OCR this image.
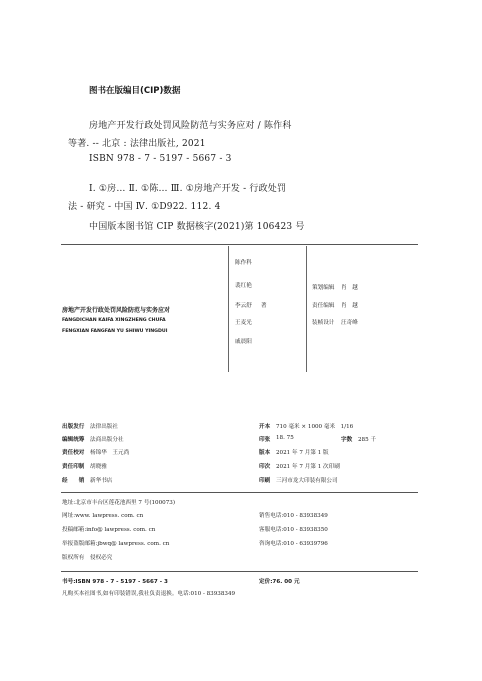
图书在版编目(CIP)数据
房地产开发行政处罚风险防范与实务应对 / 陈作科
等著. -- 北京 : 法律出版社, 2021
ISBN 978 - 7 - 5197 - 5667 - 3
Ⅰ. ①房… Ⅱ. ①陈… Ⅲ. ①房地产开发 - 行政处罚
法 - 研究 - 中国 Ⅳ. ①D922. 112. 4
中国版本图书馆 CIP 数据核字(2021)第 106423 号
房地产开发行政处罚风险防范与实务应对
FANGDICHAN KAIFA XINGZHENG CHUFA
FENGXIAN FANGFAN YU SHIWU YINGDUI
陈作科
裴红艳
李云舒 著
王麦光
戚晨阳
策划编辑 肖　越
责任编辑 肖　越
装帧设计 汪奇峰
出版发行 法律出版社
编辑统筹 法商出版分社
责任校对 杨锦华　王元尚
责任印制 胡晓雅
经　　销 新华书店
开本 710 毫米 × 1000 毫米　1/16
印张 18. 75	字数 285 千
版本 2021 年 7 月第 1 版
印次 2021 年 7 月第 1 次印刷
印刷 三河市龙大印装有限公司
地址:北京市丰台区莲花池西里 7 号(100073)
网址:www. lawpress. com. cn
投稿邮箱:info@ lawpress. com. cn
举报盗版邮箱:jbwq@ lawpress. com. cn
版权所有　侵权必究
销售电话:010 - 83938349
客服电话:010 - 83938350
咨询电话:010 - 63939796
书号:ISBN 978 - 7 - 5197 - 5667 - 3	定价:76. 00 元
凡购买本社图书,如有印装错误,我社负责退换。电话:010 - 83938349
